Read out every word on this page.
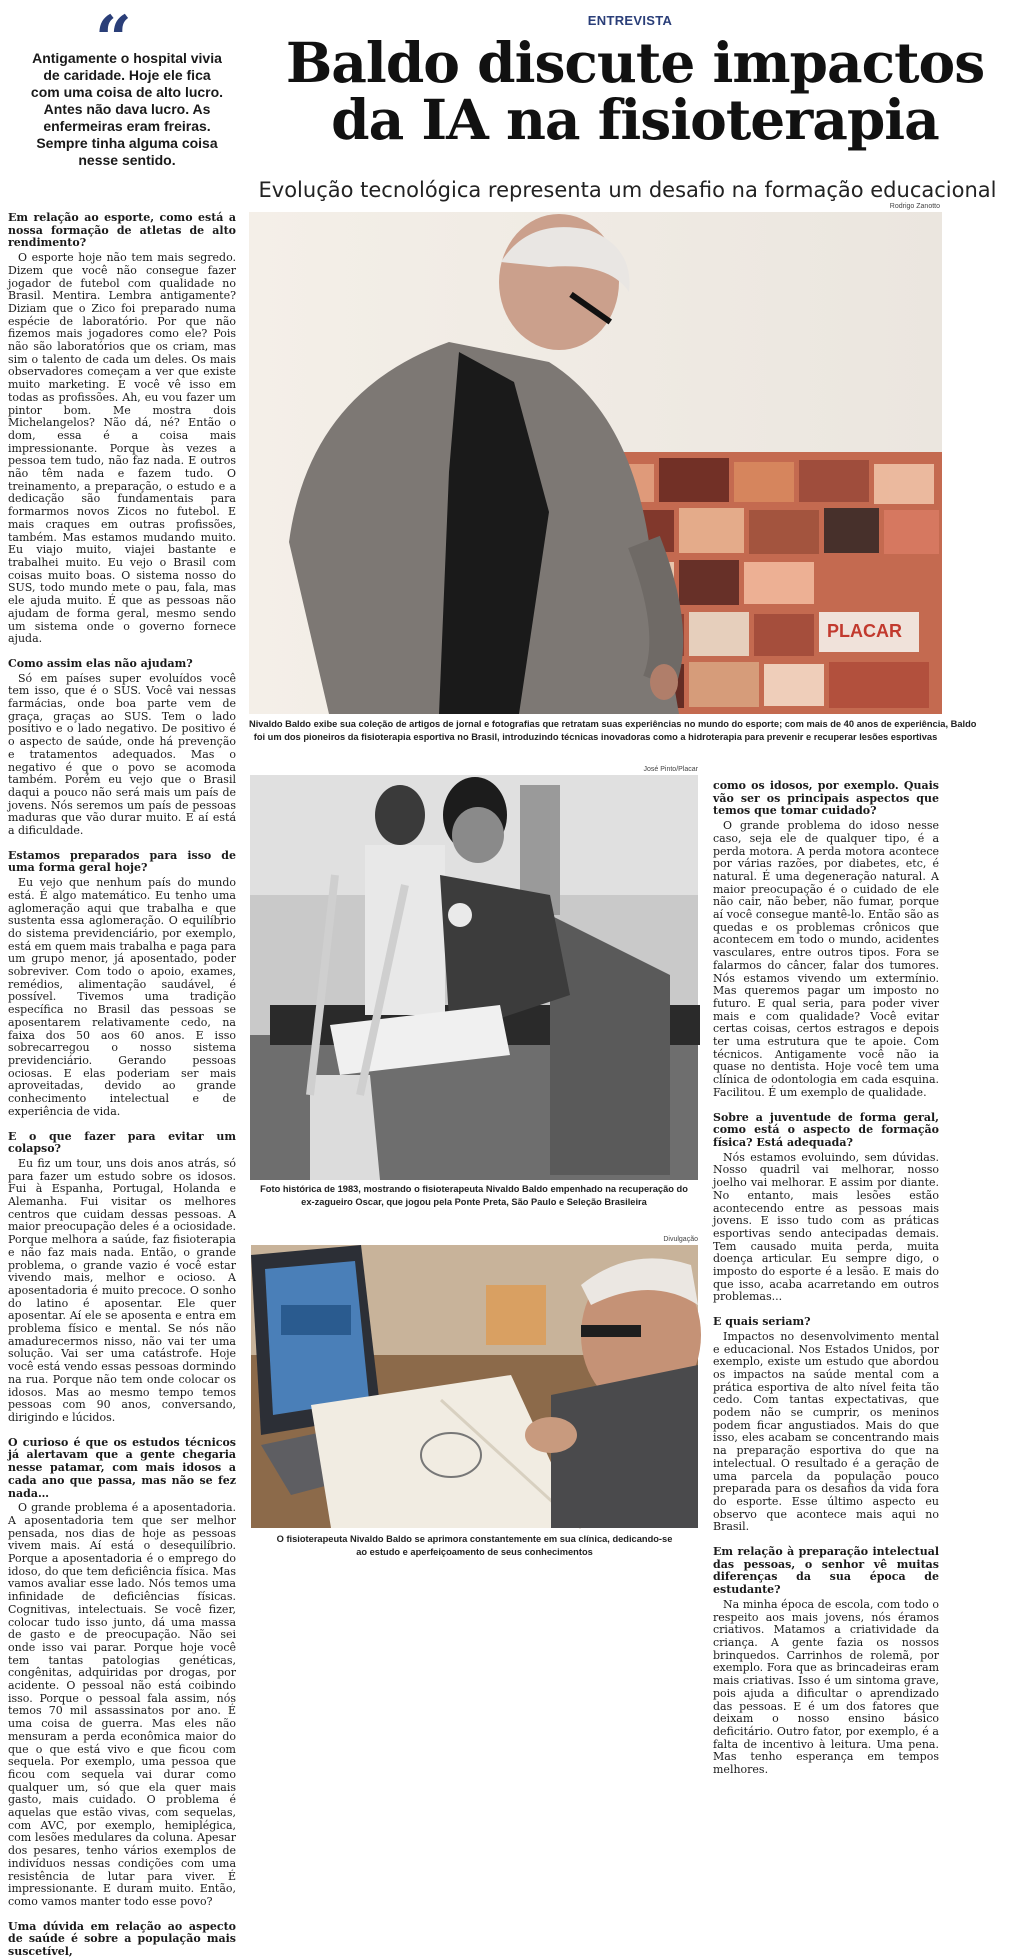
“
Antigamente o hospital vivia
de caridade. Hoje ele fica
com uma coisa de alto lucro.
Antes não dava lucro. As
enfermeiras eram freiras.
Sempre tinha alguma coisa
nesse sentido.
ENTREVISTA
Baldo discute impactos
da IA na fisioterapia
Evolução tecnológica representa um desafio na formação educacional
Rodrigo Zanotto
PLACAR
Nivaldo Baldo exibe sua coleção de artigos de jornal e fotografias que retratam suas experiências no mundo do esporte; com mais de 40 anos de experiência, Baldo
foi um dos pioneiros da fisioterapia esportiva no Brasil, introduzindo técnicas inovadoras como a hidroterapia para prevenir e recuperar lesões esportivas
José Pinto/Placar
Foto histórica de 1983, mostrando o fisioterapeuta Nivaldo Baldo empenhado na recuperação do
ex-zagueiro Oscar, que jogou pela Ponte Preta, São Paulo e Seleção Brasileira
Divulgação
O fisioterapeuta Nivaldo Baldo se aprimora constantemente em sua clínica, dedicando-se
ao estudo e aperfeiçoamento de seus conhecimentos

Em relação ao esporte, como está a nossa formação de atletas de alto rendimento?

O esporte hoje não tem mais segredo. Dizem que você não consegue fazer jogador de futebol com qualidade no Brasil. Mentira. Lembra antigamente? Diziam que o Zico foi preparado numa espécie de laboratório. Por que não fizemos mais jogadores como ele? Pois não são laboratórios que os criam, mas sim o talento de cada um deles. Os mais observadores começam a ver que existe muito marketing. E você vê isso em todas as profissões. Ah, eu vou fazer um pintor bom. Me mostra dois Michelangelos? Não dá, né? Então o dom, essa é a coisa mais impressionante. Porque às vezes a pessoa tem tudo, não faz nada. E outros não têm nada e fazem tudo. O treinamento, a preparação, o estudo e a dedicação são fundamentais para formarmos novos Zicos no futebol. E mais craques em outras profissões, também. Mas estamos mudando muito. Eu viajo muito, viajei bastante e trabalhei muito. Eu vejo o Brasil com coisas muito boas. O sistema nosso do SUS, todo mundo mete o pau, fala, mas ele ajuda muito. É que as pessoas não ajudam de forma geral, mesmo sendo um sistema onde o governo fornece ajuda.

Como assim elas não ajudam?

Só em países super evoluídos você tem isso, que é o SUS. Você vai nessas farmácias, onde boa parte vem de graça, graças ao SUS. Tem o lado positivo e o lado negativo. De positivo é o aspecto de saúde, onde há prevenção e tratamentos adequados. Mas o negativo é que o povo se acomoda também. Porém eu vejo que o Brasil daqui a pouco não será mais um país de jovens. Nós seremos um país de pessoas maduras que vão durar muito. E aí está a dificuldade.

Estamos preparados para isso de uma forma geral hoje?

Eu vejo que nenhum país do mundo está. É algo matemático. Eu tenho uma aglomeração aqui que trabalha e que sustenta essa aglomeração. O equilíbrio do sistema previdenciário, por exemplo, está em quem mais trabalha e paga para um grupo menor, já aposentado, poder sobreviver. Com todo o apoio, exames, remédios, alimentação saudável, é possível. Tivemos uma tradição específica no Brasil das pessoas se aposentarem relativamente cedo, na faixa dos 50 aos 60 anos. E isso sobrecarregou o nosso sistema previdenciário. Gerando pessoas ociosas. E elas poderiam ser mais aproveitadas, devido ao grande conhecimento intelectual e de experiência de vida.

E o que fazer para evitar um colapso?

Eu fiz um tour, uns dois anos atrás, só para fazer um estudo sobre os idosos. Fui à Espanha, Portugal, Holanda e Alemanha. Fui visitar os melhores centros que cuidam dessas pessoas. A maior preocupação deles é a ociosidade. Porque melhora a saúde, faz fisioterapia e não faz mais nada. Então, o grande problema, o grande vazio é você estar vivendo mais, melhor e ocioso. A aposentadoria é muito precoce. O sonho do latino é aposentar. Ele quer aposentar. Aí ele se aposenta e entra em problema físico e mental. Se nós não amadurecermos nisso, não vai ter uma solução. Vai ser uma catástrofe. Hoje você está vendo essas pessoas dormindo na rua. Porque não tem onde colocar os idosos. Mas ao mesmo tempo temos pessoas com 90 anos, conversando, dirigindo e lúcidos.

O curioso é que os estudos técnicos já alertavam que a gente chegaria nesse patamar, com mais idosos a cada ano que passa, mas não se fez nada…

O grande problema é a aposentadoria. A aposentadoria tem que ser melhor pensada, nos dias de hoje as pessoas vivem mais. Aí está o desequilíbrio. Porque a aposentadoria é o emprego do idoso, do que tem deficiência física. Mas vamos avaliar esse lado. Nós temos uma infinidade de deficiências físicas. Cognitivas, intelectuais. Se você fizer, colocar tudo isso junto, dá uma massa de gasto e de preocupação. Não sei onde isso vai parar. Porque hoje você tem tantas patologias genéticas, congênitas, adquiridas por drogas, por acidente. O pessoal não está coibindo isso. Porque o pessoal fala assim, nós temos 70 mil assassinatos por ano. É uma coisa de guerra. Mas eles não mensuram a perda econômica maior do que o que está vivo e que ficou com sequela. Por exemplo, uma pessoa que ficou com sequela vai durar como qualquer um, só que ela quer mais gasto, mais cuidado. O problema é aquelas que estão vivas, com sequelas, com AVC, por exemplo, hemiplégica, com lesões medulares da coluna. Apesar dos pesares, tenho vários exemplos de indivíduos nessas condições com uma resistência de lutar para viver. É impressionante. E duram muito. Então, como vamos manter todo esse povo?

Uma dúvida em relação ao aspecto de saúde é sobre a população mais suscetível,

como os idosos, por exemplo. Quais vão ser os principais aspectos que temos que tomar cuidado?

O grande problema do idoso nesse caso, seja ele de qualquer tipo, é a perda motora. A perda motora acontece por várias razões, por diabetes, etc, é natural. É uma degeneração natural. A maior preocupação é o cuidado de ele não cair, não beber, não fumar, porque aí você consegue mantê-lo. Então são as quedas e os problemas crônicos que acontecem em todo o mundo, acidentes vasculares, entre outros tipos. Fora se falarmos do câncer, falar dos tumores. Nós estamos vivendo um extermínio. Mas queremos pagar um imposto no futuro. E qual seria, para poder viver mais e com qualidade? Você evitar certas coisas, certos estragos e depois ter uma estrutura que te apoie. Com técnicos. Antigamente você não ia quase no dentista. Hoje você tem uma clínica de odontologia em cada esquina. Facilitou. É um exemplo de qualidade.

Sobre a juventude de forma geral, como está o aspecto de formação física? Está adequada?

Nós estamos evoluindo, sem dúvidas. Nosso quadril vai melhorar, nosso joelho vai melhorar. E assim por diante. No entanto, mais lesões estão acontecendo entre as pessoas mais jovens. E isso tudo com as práticas esportivas sendo antecipadas demais. Tem causado muita perda, muita doença articular. Eu sempre digo, o imposto do esporte é a lesão. E mais do que isso, acaba acarretando em outros problemas...

E quais seriam?

Impactos no desenvolvimento mental e educacional. Nos Estados Unidos, por exemplo, existe um estudo que abordou os impactos na saúde mental com a prática esportiva de alto nível feita tão cedo. Com tantas expectativas, que podem não se cumprir, os meninos podem ficar angustiados. Mais do que isso, eles acabam se concentrando mais na preparação esportiva do que na intelectual. O resultado é a geração de uma parcela da população pouco preparada para os desafios da vida fora do esporte. Esse último aspecto eu observo que acontece mais aqui no Brasil.

Em relação à preparação intelectual das pessoas, o senhor vê muitas diferenças da sua época de estudante?

Na minha época de escola, com todo o respeito aos mais jovens, nós éramos criativos. Matamos a criatividade da criança. A gente fazia os nossos brinquedos. Carrinhos de rolemã, por exemplo. Fora que as brincadeiras eram mais criativas. Isso é um sintoma grave, pois ajuda a dificultar o aprendizado das pessoas. E é um dos fatores que deixam o nosso ensino básico deficitário. Outro fator, por exemplo, é a falta de incentivo à leitura. Uma pena. Mas tenho esperança em tempos melhores.
